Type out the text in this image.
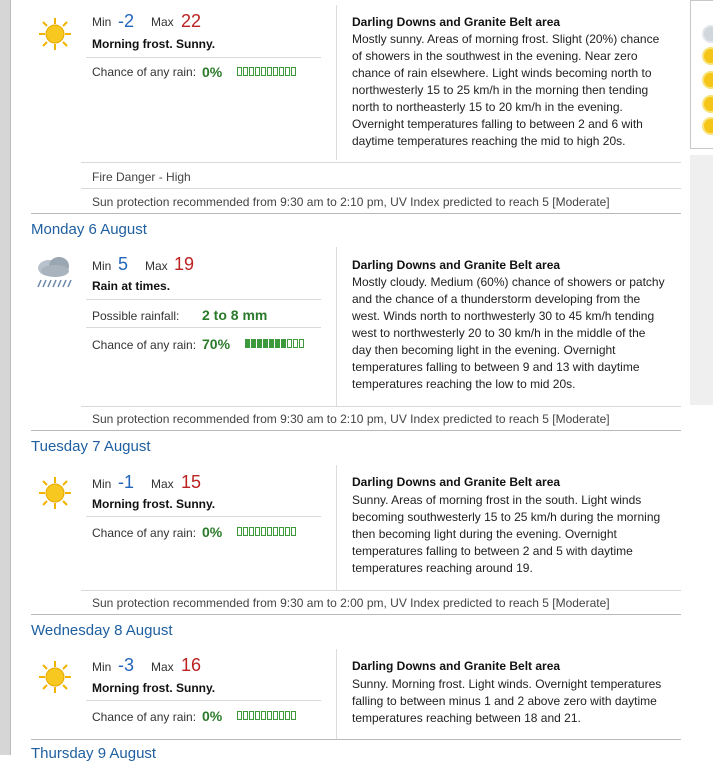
Min -2 Max 22
Morning frost. Sunny.
Chance of any rain: 0%
Darling Downs and Granite Belt area
Mostly sunny. Areas of morning frost. Slight (20%) chance of showers in the southwest in the evening. Near zero chance of rain elsewhere. Light winds becoming north to northwesterly 15 to 25 km/h in the morning then tending north to northeasterly 15 to 20 km/h in the evening. Overnight temperatures falling to between 2 and 6 with daytime temperatures reaching the mid to high 20s.
Fire Danger - High
Sun protection recommended from 9:30 am to 2:10 pm, UV Index predicted to reach 5 [Moderate]
Monday 6 August
Min 5 Max 19
Rain at times.
Possible rainfall: 2 to 8 mm
Chance of any rain: 70%
Darling Downs and Granite Belt area
Mostly cloudy. Medium (60%) chance of showers or patchy and the chance of a thunderstorm developing from the west. Winds north to northwesterly 30 to 45 km/h tending west to northwesterly 20 to 30 km/h in the middle of the day then becoming light in the evening. Overnight temperatures falling to between 9 and 13 with daytime temperatures reaching the low to mid 20s.
Sun protection recommended from 9:30 am to 2:10 pm, UV Index predicted to reach 5 [Moderate]
Tuesday 7 August
Min -1 Max 15
Morning frost. Sunny.
Chance of any rain: 0%
Darling Downs and Granite Belt area
Sunny. Areas of morning frost in the south. Light winds becoming southwesterly 15 to 25 km/h during the morning then becoming light during the evening. Overnight temperatures falling to between 2 and 5 with daytime temperatures reaching around 19.
Sun protection recommended from 9:30 am to 2:00 pm, UV Index predicted to reach 5 [Moderate]
Wednesday 8 August
Min -3 Max 16
Morning frost. Sunny.
Chance of any rain: 0%
Darling Downs and Granite Belt area
Sunny. Morning frost. Light winds. Overnight temperatures falling to between minus 1 and 2 above zero with daytime temperatures reaching between 18 and 21.
Thursday 9 August
